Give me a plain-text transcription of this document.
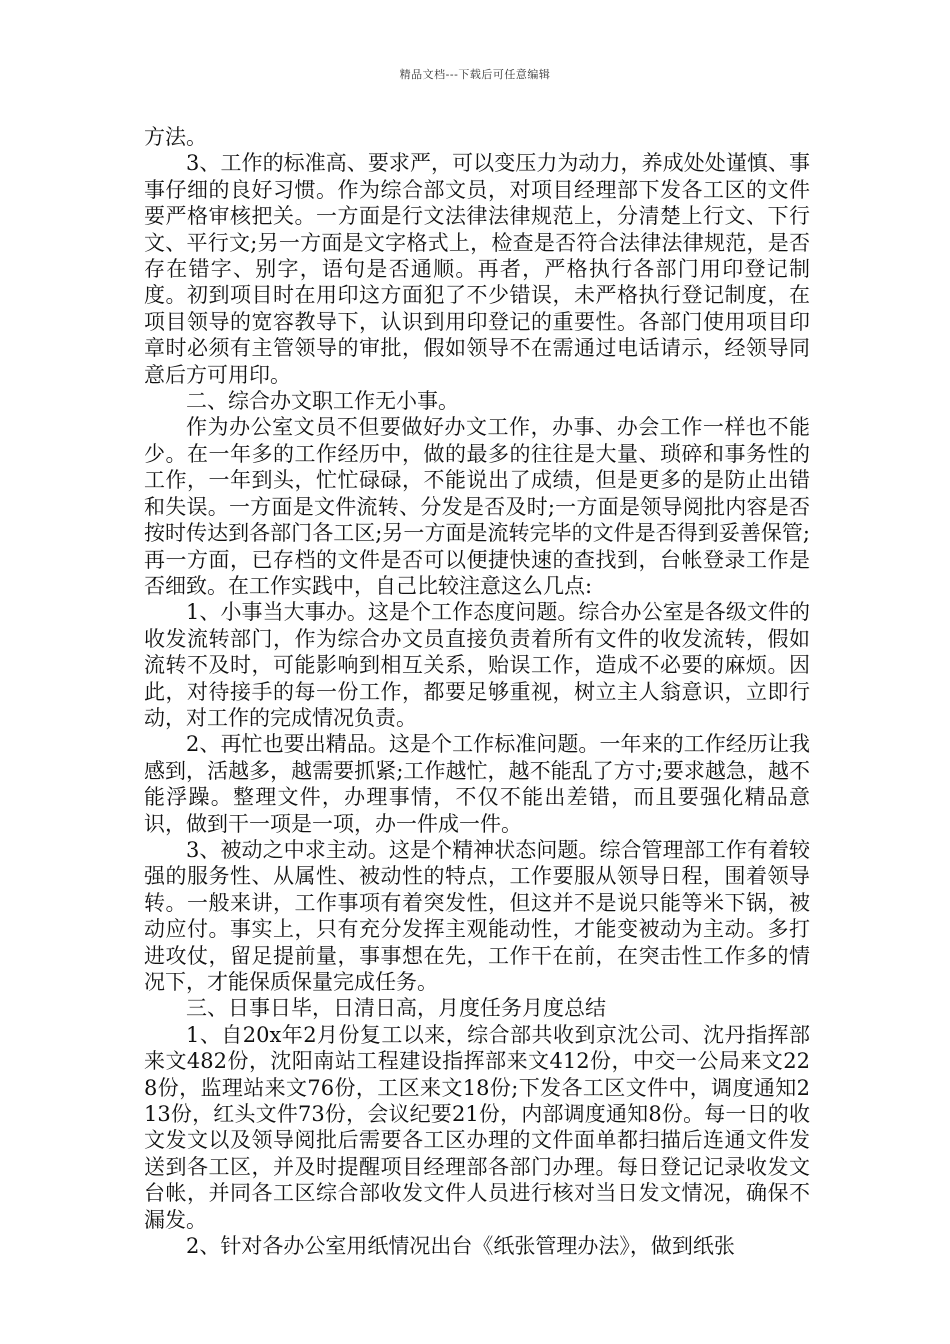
精品文档---下载后可任意编辑

方法。

3、工作的标准高、要求严，可以变压力为动力，养成处处谨慎、事事仔细的良好习惯。作为综合部文员，对项目经理部下发各工区的文件要严格审核把关。一方面是行文法律法律规范上，分清楚上行文、下行文、平行文;另一方面是文字格式上，检查是否符合法律法律规范，是否存在错字、别字，语句是否通顺。再者，严格执行各部门用印登记制度。初到项目时在用印这方面犯了不少错误，未严格执行登记制度，在项目领导的宽容教导下，认识到用印登记的重要性。各部门使用项目印章时必须有主管领导的审批，假如领导不在需通过电话请示，经领导同意后方可用印。

二、综合办文职工作无小事。

作为办公室文员不但要做好办文工作，办事、办会工作一样也不能少。在一年多的工作经历中，做的最多的往往是大量、琐碎和事务性的工作，一年到头，忙忙碌碌，不能说出了成绩，但是更多的是防止出错和失误。一方面是文件流转、分发是否及时;一方面是领导阅批内容是否按时传达到各部门各工区;另一方面是流转完毕的文件是否得到妥善保管;再一方面，已存档的文件是否可以便捷快速的查找到，台帐登录工作是否细致。在工作实践中，自己比较注意这么几点:

1、小事当大事办。这是个工作态度问题。综合办公室是各级文件的收发流转部门，作为综合办文员直接负责着所有文件的收发流转，假如流转不及时，可能影响到相互关系，贻误工作，造成不必要的麻烦。因此，对待接手的每一份工作，都要足够重视，树立主人翁意识，立即行动，对工作的完成情况负责。

2、再忙也要出精品。这是个工作标准问题。一年来的工作经历让我感到，活越多，越需要抓紧;工作越忙，越不能乱了方寸;要求越急，越不能浮躁。整理文件，办理事情，不仅不能出差错，而且要强化精品意识，做到干一项是一项，办一件成一件。

3、被动之中求主动。这是个精神状态问题。综合管理部工作有着较强的服务性、从属性、被动性的特点，工作要服从领导日程，围着领导转。一般来讲，工作事项有着突发性，但这并不是说只能等米下锅，被动应付。事实上，只有充分发挥主观能动性，才能变被动为主动。多打进攻仗，留足提前量，事事想在先，工作干在前，在突击性工作多的情况下，才能保质保量完成任务。

三、日事日毕，日清日高，月度任务月度总结

1、自20x年2月份复工以来，综合部共收到京沈公司、沈丹指挥部来文482份，沈阳南站工程建设指挥部来文412份，中交一公局来文228份，监理站来文76份，工区来文18份;下发各工区文件中，调度通知213份，红头文件73份，会议纪要21份，内部调度通知8份。每一日的收文发文以及领导阅批后需要各工区办理的文件面单都扫描后连通文件发送到各工区，并及时提醒项目经理部各部门办理。每日登记记录收发文台帐，并同各工区综合部收发文件人员进行核对当日发文情况，确保不漏发。

2、针对各办公室用纸情况出台《纸张管理办法》，做到纸张
